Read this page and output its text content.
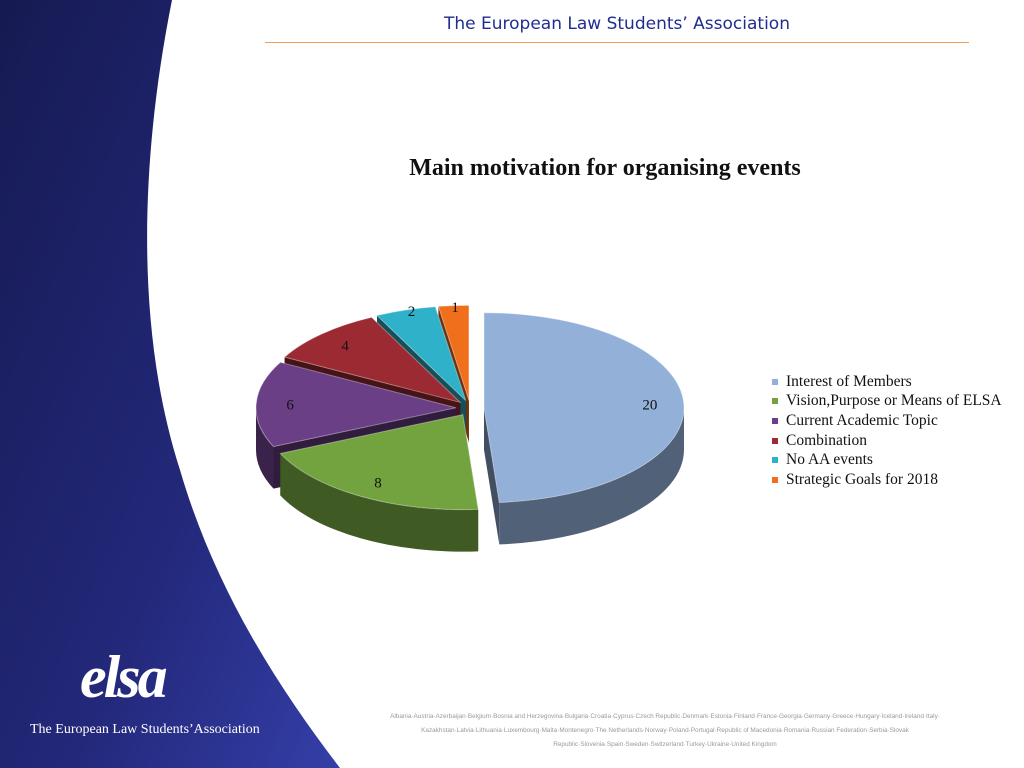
The European Law Students’ Association
Main motivation for organising events
20
8
6
4
2 1
Interest of Members
Vision,Purpose or Means of ELSA
Current Academic Topic
Combination
No AA events
Strategic Goals for 2018
elsa
The European Law Students’Association
Albania·Austria·Azerbaijan·Belgium·Bosnia and Herzegovina·Bulgaria·Croatia·Cyprus·Czech Republic·Denmark·Estonia·Finland·France·Georgia·Germany·Greece·Hungary·Iceland·Ireland·Italy· Kazakhstan·Latvia·Lithuania·Luxembourg·Malta·Montenegro·The Netherlands·Norway·Poland·Portugal·Republic of Macedonia·Romania·Russian Federation·Serbia·Slovak Republic·Slovenia·Spain·Sweden·Switzerland·Turkey·Ukraine·United Kingdom
